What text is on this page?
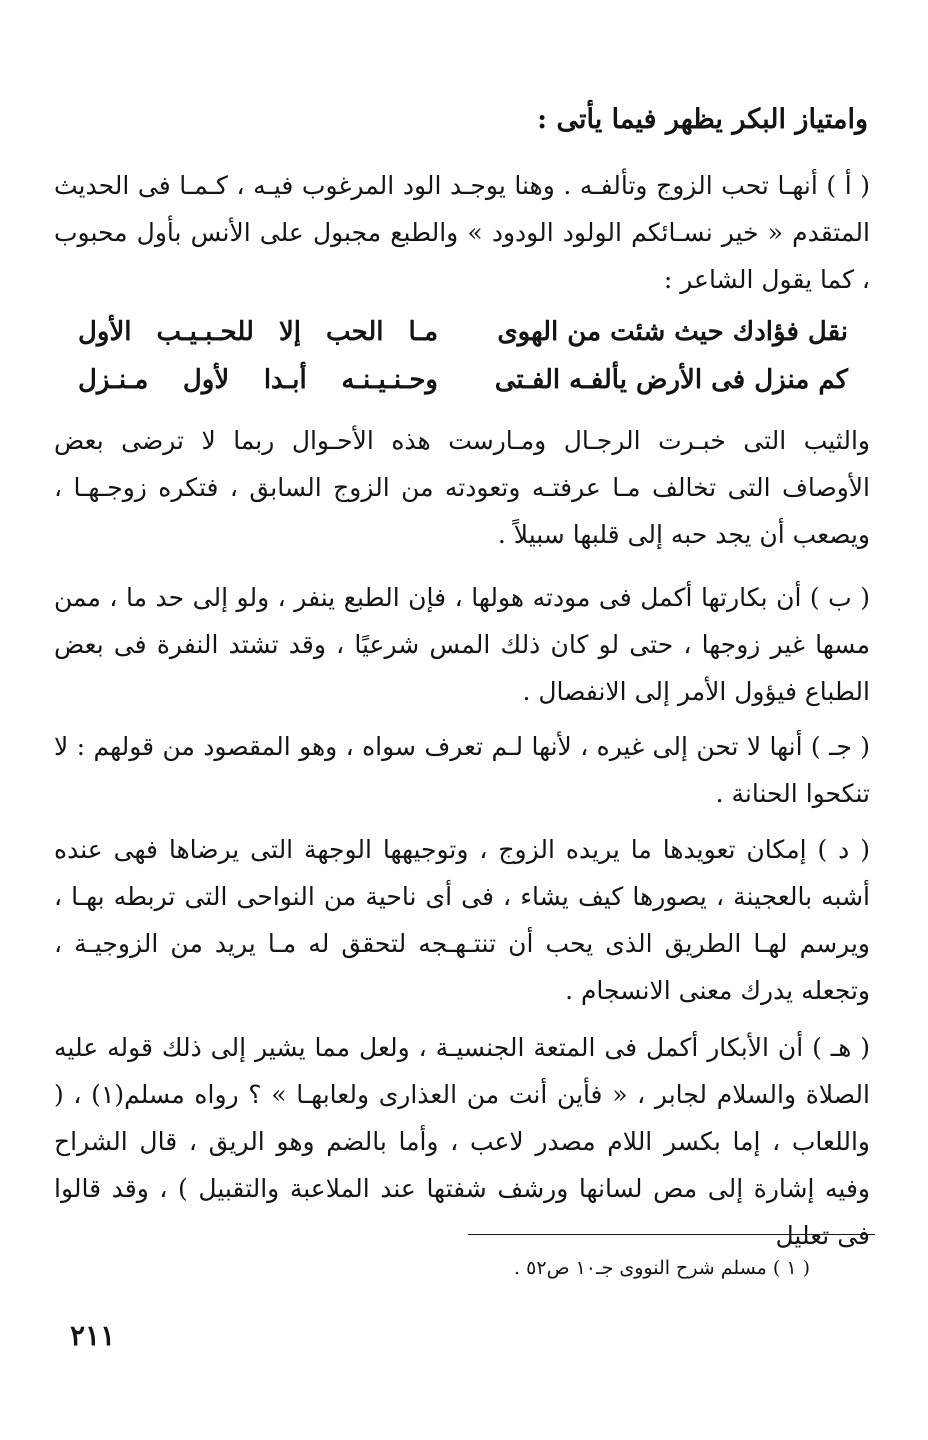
وامتياز البكر يظهر فيما يأتى :

( أ ) أنهـا تحب الزوج وتألفـه . وهنا يوجـد الود المرغوب فيـه ، كـمـا فى الحديث المتقدم « خير نسـائكم الولود الودود » والطبع مجبول على الأنس بأول محبوب ، كما يقول الشاعر :

نقل فؤادك حيث شئت من الهوى
مـا الحب إلا للحـبـيـب الأول
كم منزل فى الأرض يألفـه الفـتى
وحـنـيـنـه أبـدا لأول مـنـزل

والثيب التى خبـرت الرجـال ومـارست هذه الأحـوال ربما لا ترضى بعض الأوصاف التى تخالف مـا عرفتـه وتعودته من الزوج السابق ، فتكره زوجـهـا ، ويصعب أن يجد حبه إلى قلبها سبيلاً .

( ب ) أن بكارتها أكمل فى مودته هولها ، فإن الطبع ينفر ، ولو إلى حد ما ، ممن مسها غير زوجها ، حتى لو كان ذلك المس شرعيًا ، وقد تشتد النفرة فى بعض الطباع فيؤول الأمر إلى الانفصال .

( جـ ) أنها لا تحن إلى غيره ، لأنها لـم تعرف سواه ، وهو المقصود من قولهم : لا تنكحوا الحنانة .

( د ) إمكان تعويدها ما يريده الزوج ، وتوجيهها الوجهة التى يرضاها فهى عنده أشبه بالعجينة ، يصورها كيف يشاء ، فى أى ناحية من النواحى التى تربطه بهـا ، ويرسم لهـا الطريق الذى يحب أن تنتـهـجه لتحقق له مـا يريد من الزوجيـة ، وتجعله يدرك معنى الانسجام .

( هـ ) أن الأبكار أكمل فى المتعة الجنسيـة ، ولعل مما يشير إلى ذلك قوله عليه الصلاة والسلام لجابر ، « فأين أنت من العذارى ولعابهـا » ؟ رواه مسلم(١) ، ( واللعاب ، إما بكسر اللام مصدر لاعب ، وأما بالضم وهو الريق ، قال الشراح وفيه إشارة إلى مص لسانها ورشف شفتها عند الملاعبة والتقبيل ) ، وقد قالوا فى تعليل

( ١ ) مسلم شرح النووى جـ١٠ ص٥٢ .
٢١١
